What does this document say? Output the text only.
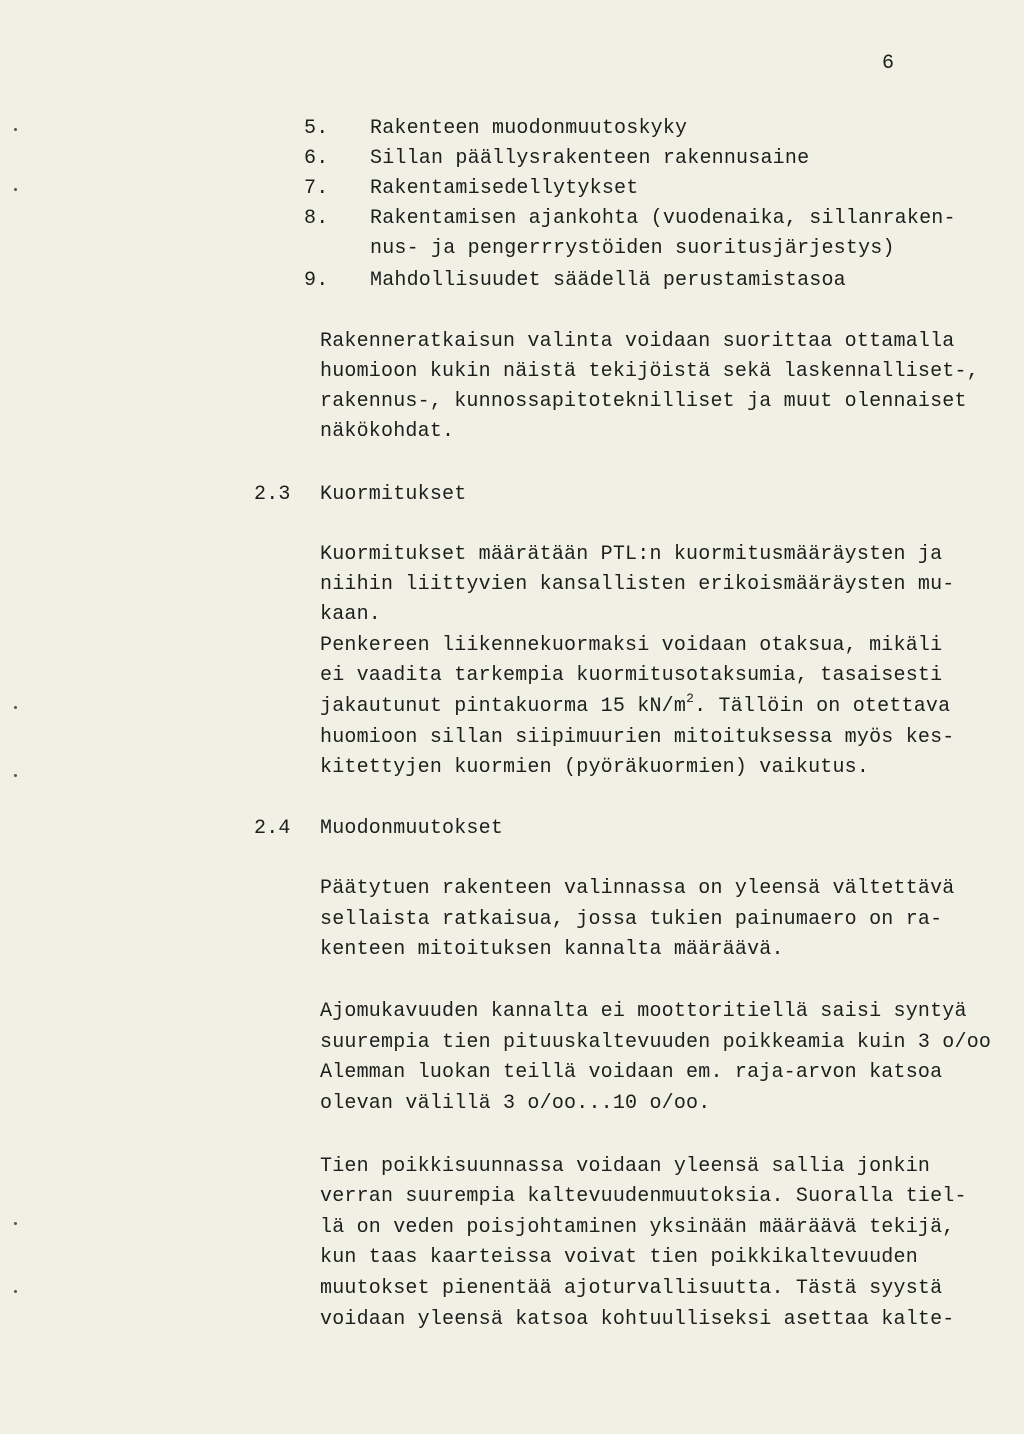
6
5. Rakenteen muodonmuutoskyky
6. Sillan päällysrakenteen rakennusaine
7. Rakentamisedellytykset
8. Rakentamisen ajankohta (vuodenaika, sillanraken-
nus- ja pengerrrystöiden suoritusjärjestys)
9. Mahdollisuudet säädellä perustamistasoa
Rakenneratkaisun valinta voidaan suorittaa ottamalla
huomioon kukin näistä tekijöistä sekä laskennalliset-,
rakennus-, kunnossapitoteknilliset ja muut olennaiset
näkökohdat.
2.3 Kuormitukset
Kuormitukset määrätään PTL:n kuormitusmääräysten ja
niihin liittyvien kansallisten erikoismääräysten mu-
kaan.
Penkereen liikennekuormaksi voidaan otaksua, mikäli
ei vaadita tarkempia kuormitusotaksumia, tasaisesti
jakautunut pintakuorma 15 $kN/m^2$. Tällöin on otettava
huomioon sillan siipimuurien mitoituksessa myös kes-
kitettyjen kuormien (pyöräkuormien) vaikutus.
2.4 Muodonmuutokset
Päätytuen rakenteen valinnassa on yleensä vältettävä
sellaista ratkaisua, jossa tukien painumaero on ra-
kenteen mitoituksen kannalta määräävä.
Ajomukavuuden kannalta ei moottoritiellä saisi syntyä
suurempia tien pituuskaltevuuden poikkeamia kuin 3 o/oo
Alemman luokan teillä voidaan em. raja-arvon katsoa
olevan välillä 3 o/oo...10 o/oo.
Tien poikkisuunnassa voidaan yleensä sallia jonkin
verran suurempia kaltevuudenmuutoksia. Suoralla tiel-
lä on veden poisjohtaminen yksinään määräävä tekijä,
kun taas kaarteissa voivat tien poikkikaltevuuden
muutokset pienentää ajoturvallisuutta. Tästä syystä
voidaan yleensä katsoa kohtuulliseksi asettaa kalte-
